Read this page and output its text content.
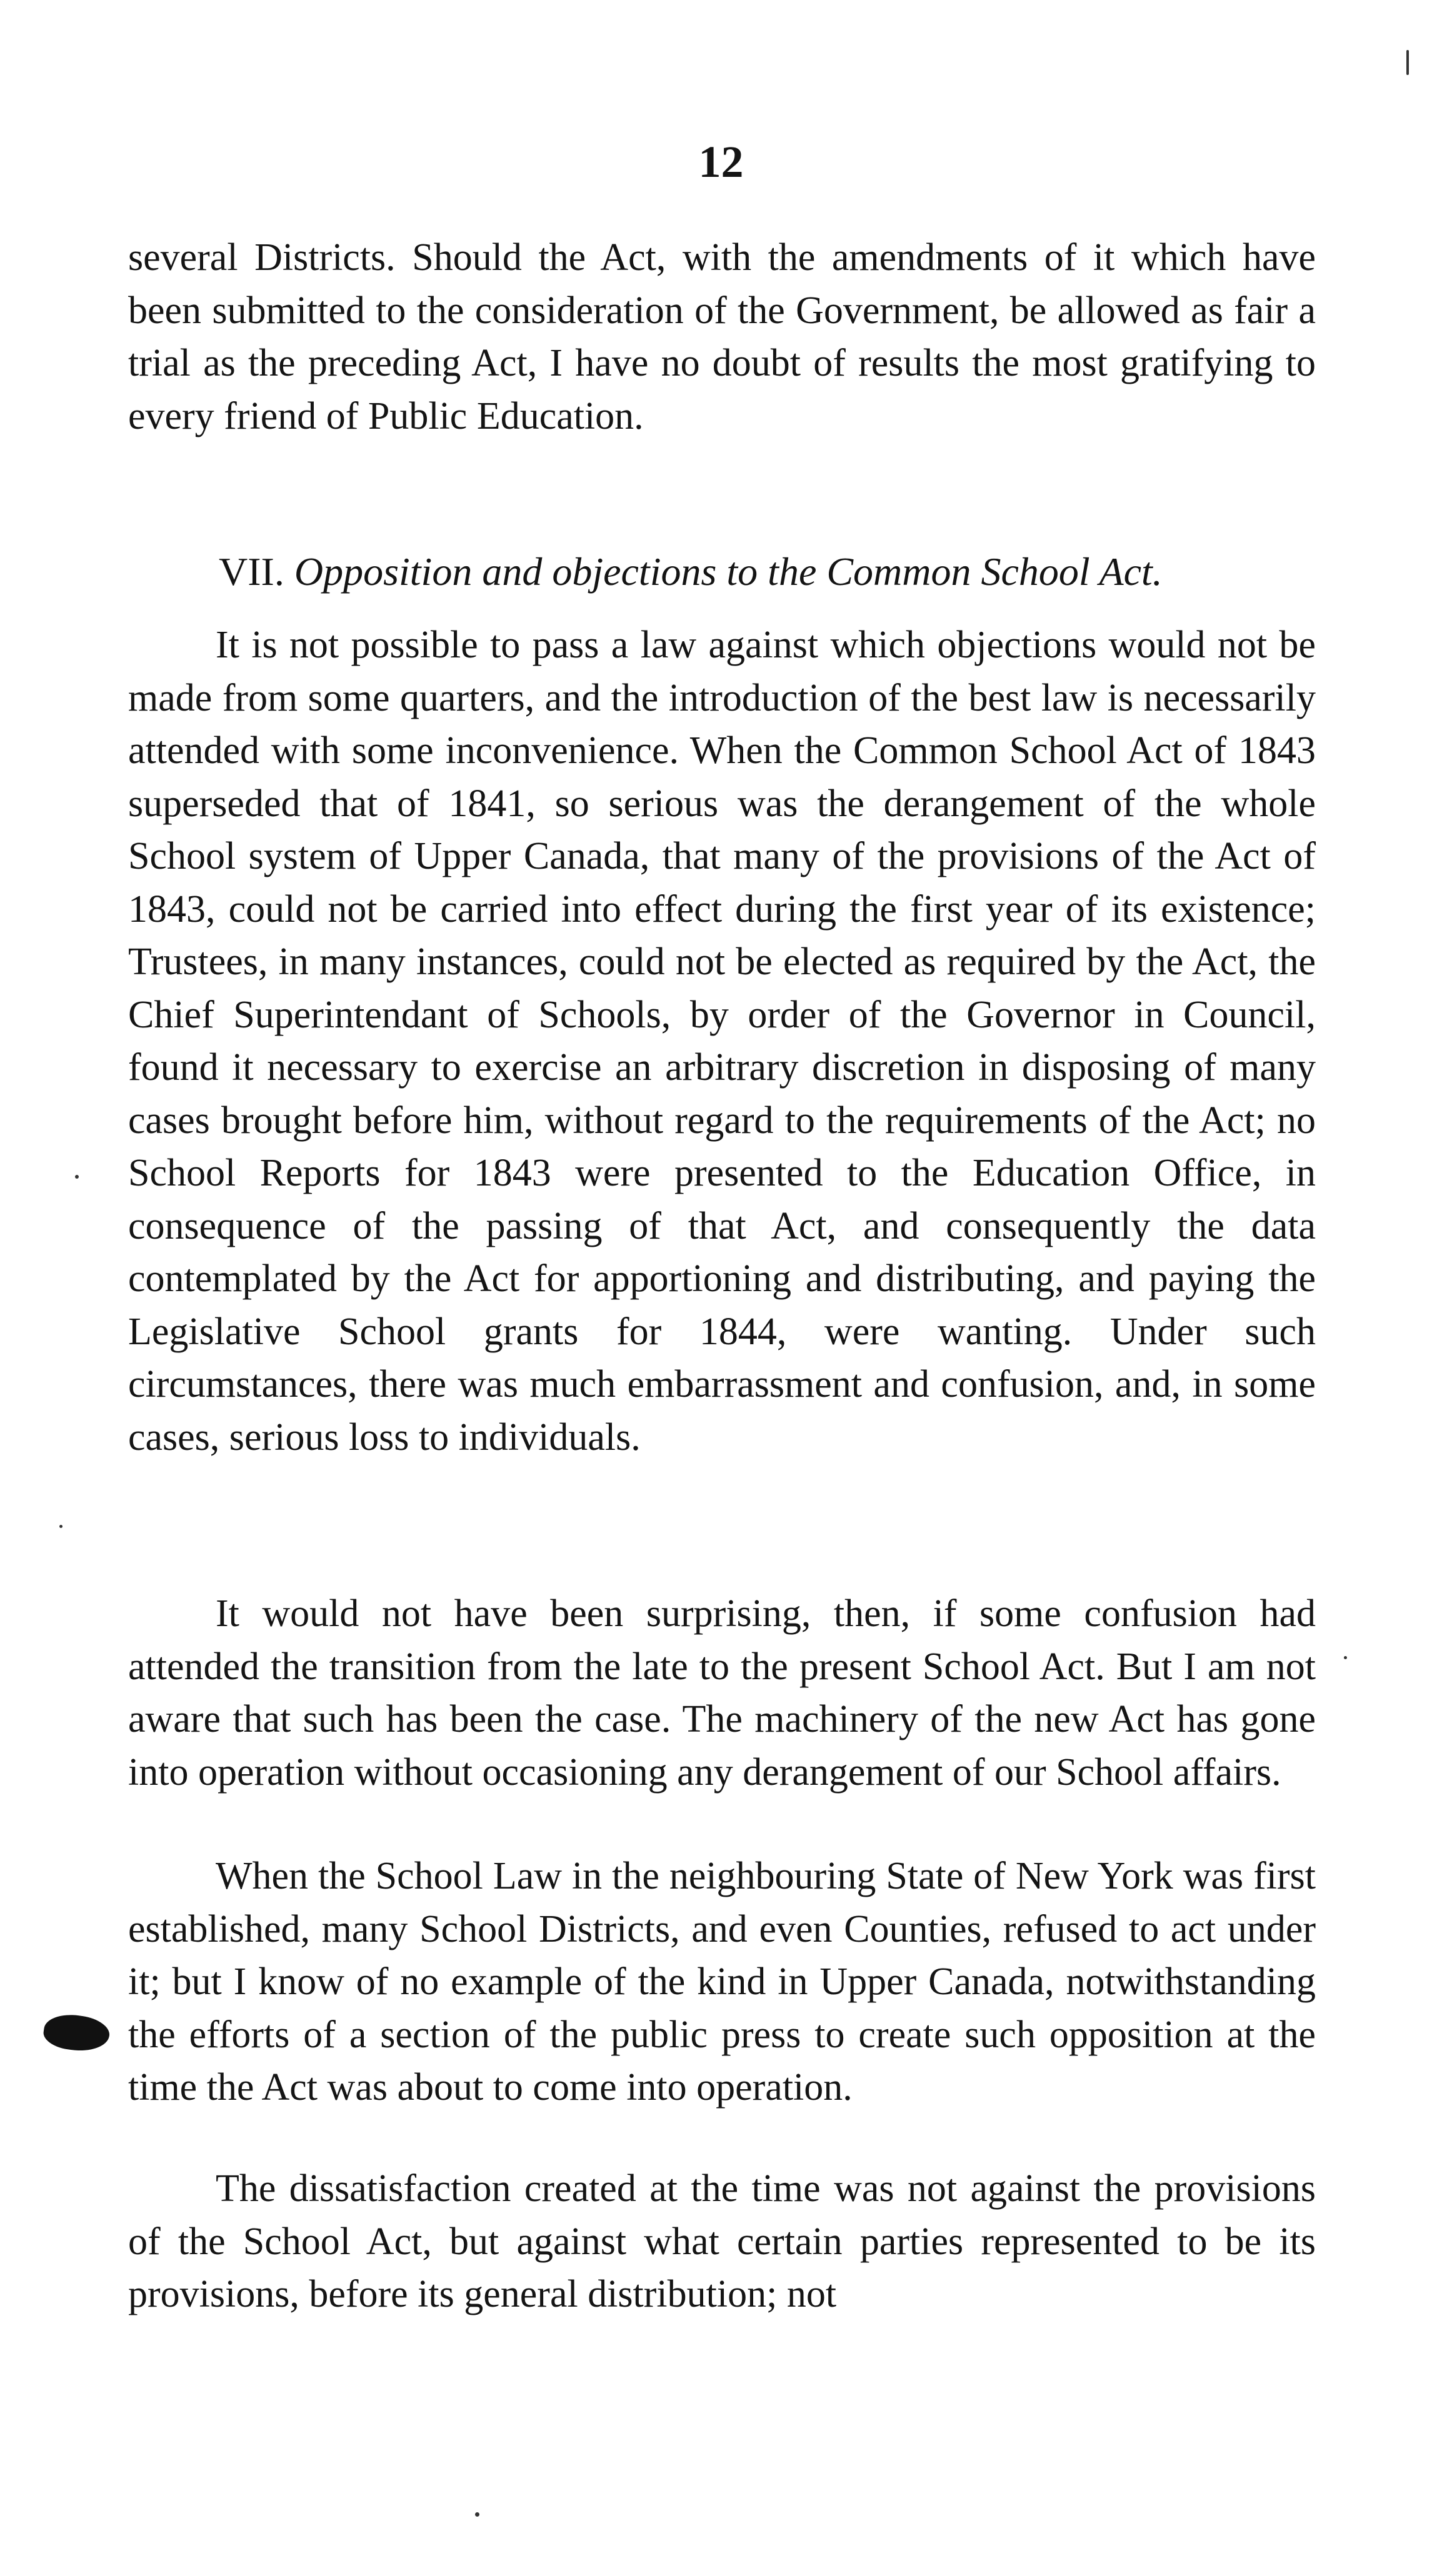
12

several Districts. Should the Act, with the amendments of it which have been submitted to the consideration of the Government, be allowed as fair a trial as the preceding Act, I have no doubt of results the most gratifying to every friend of Public Education.

VII. Opposition and objections to the Common School Act.

It is not possible to pass a law against which objections would not be made from some quarters, and the introduction of the best law is necessarily attended with some inconvenience. When the Common School Act of 1843 superseded that of 1841, so serious was the derangement of the whole School system of Upper Canada, that many of the provisions of the Act of 1843, could not be carried into effect during the first year of its existence; Trustees, in many instances, could not be elected as required by the Act, the Chief Superintendant of Schools, by order of the Governor in Council, found it necessary to exercise an arbitrary discretion in disposing of many cases brought before him, without regard to the requirements of the Act; no School Reports for 1843 were presented to the Education Office, in consequence of the passing of that Act, and consequently the data contemplated by the Act for apportioning and distributing, and paying the Legislative School grants for 1844, were wanting. Under such circumstances, there was much embarrassment and confusion, and, in some cases, serious loss to individuals.

It would not have been surprising, then, if some confusion had attended the transition from the late to the present School Act. But I am not aware that such has been the case. The machinery of the new Act has gone into operation without occasioning any derangement of our School affairs.

When the School Law in the neighbouring State of New York was first established, many School Districts, and even Counties, refused to act under it; but I know of no example of the kind in Upper Canada, notwithstanding the efforts of a section of the public press to create such opposition at the time the Act was about to come into operation.

The dissatisfaction created at the time was not against the provisions of the School Act, but against what certain parties represented to be its provisions, before its general distribution; not
